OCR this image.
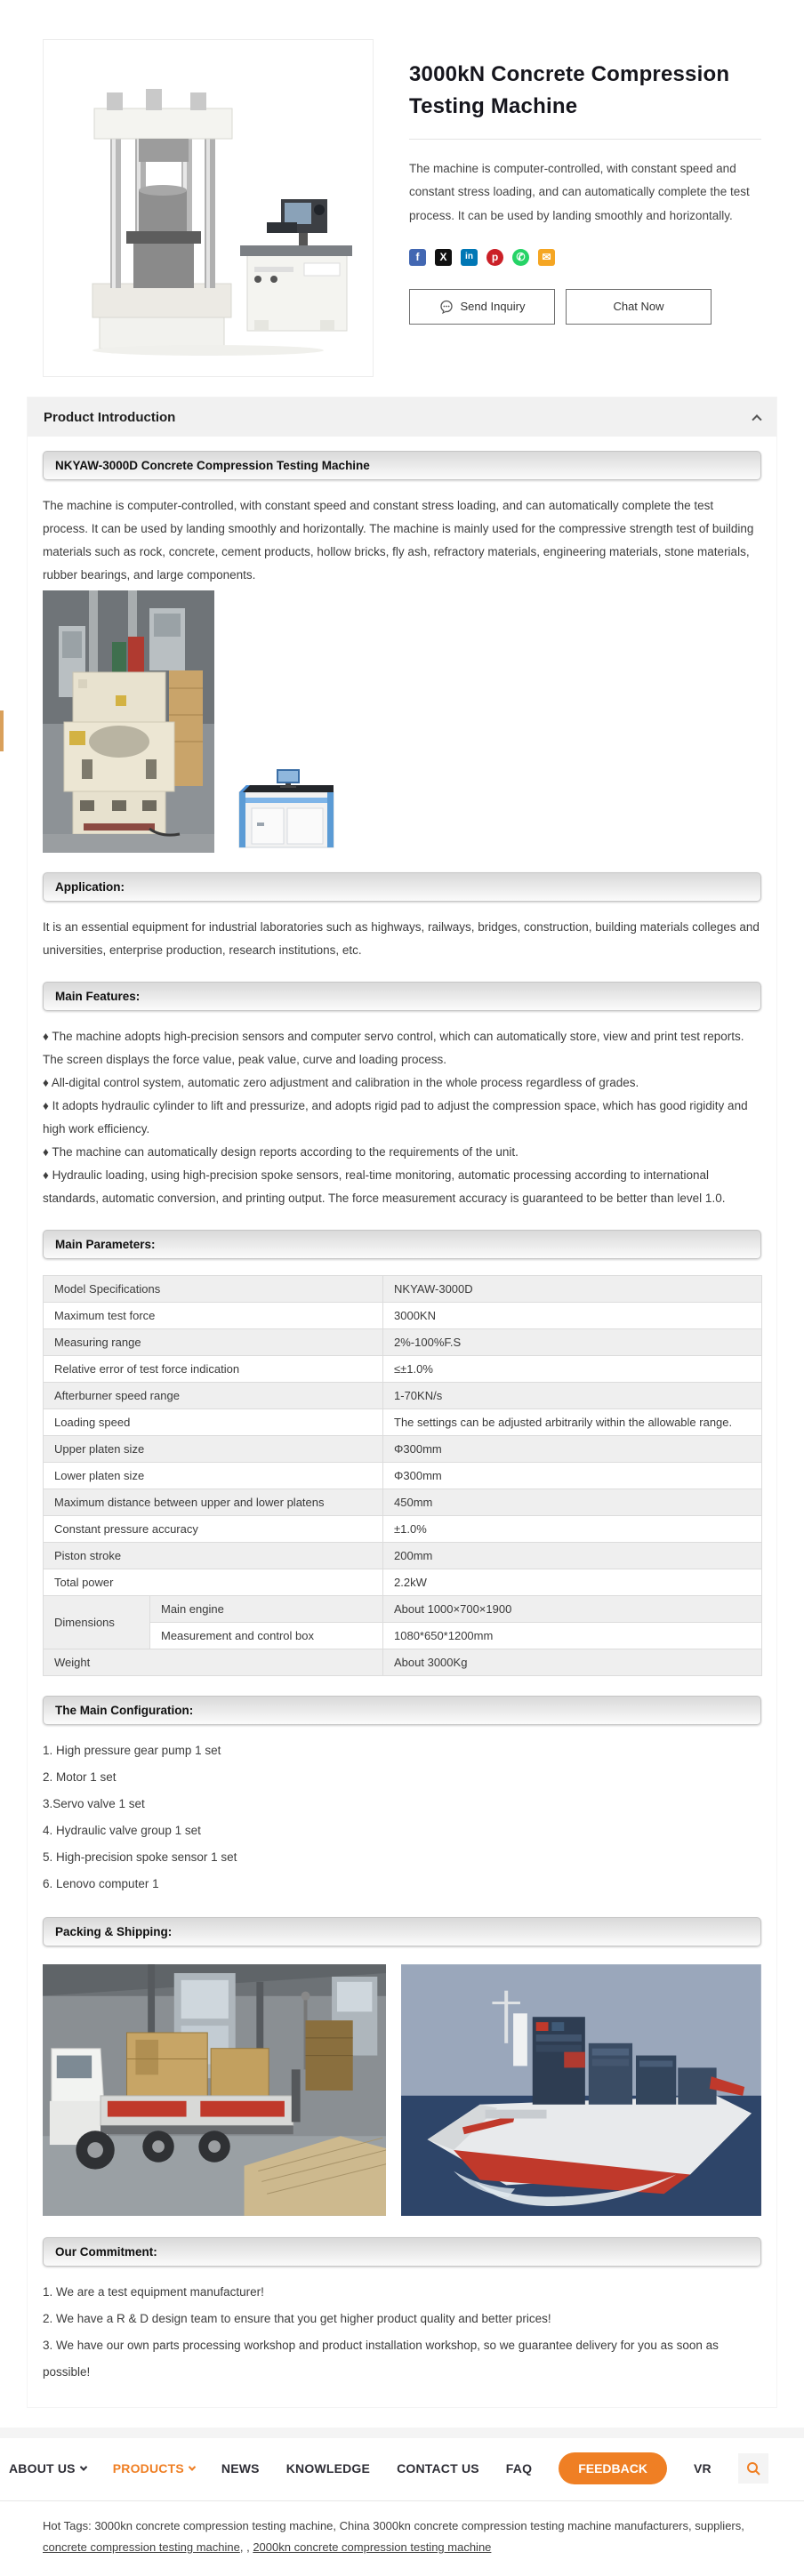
3000kN Concrete Compression Testing Machine
The machine is computer-controlled, with constant speed and constant stress loading, and can automatically complete the test process. It can be used by landing smoothly and horizontally.
f	X	in	p	✆	✉
Send Inquiry	Chat Now
Product Introduction
NKYAW-3000D Concrete Compression Testing Machine
The machine is computer-controlled, with constant speed and constant stress loading, and can automatically complete the test process. It can be used by landing smoothly and horizontally. The machine is mainly used for the compressive strength test of building materials such as rock, concrete, cement products, hollow bricks, fly ash, refractory materials, engineering materials, stone materials, rubber bearings, and large components.
Application:
It is an essential equipment for industrial laboratories such as highways, railways, bridges, construction, building materials colleges and universities, enterprise production, research institutions, etc.
Main Features:
♦ The machine adopts high-precision sensors and computer servo control, which can automatically store, view and print test reports. The screen displays the force value, peak value, curve and loading process.
♦ All-digital control system, automatic zero adjustment and calibration in the whole process regardless of grades.
♦ It adopts hydraulic cylinder to lift and pressurize, and adopts rigid pad to adjust the compression space, which has good rigidity and high work efficiency.
♦ The machine can automatically design reports according to the requirements of the unit.
♦ Hydraulic loading, using high-precision spoke sensors, real-time monitoring, automatic processing according to international standards, automatic conversion, and printing output. The force measurement accuracy is guaranteed to be better than level 1.0.
Main Parameters:
Model Specifications		NKYAW-3000D
Maximum test force		3000KN
Measuring range		2%-100%F.S
Relative error of test force indication		≤±1.0%
Afterburner speed range		1-70KN/s
Loading speed		The settings can be adjusted arbitrarily within the allowable range.
Upper platen size		Φ300mm
Lower platen size		Φ300mm
Maximum distance between upper and lower platens		450mm
Constant pressure accuracy		±1.0%
Piston stroke		200mm
Total power		2.2kW
Dimensions	Main engine	About 1000×700×1900
	Measurement and control box	1080*650*1200mm
Weight		About 3000Kg
The Main Configuration:
1. High pressure gear pump 1 set
2. Motor 1 set
3.Servo valve 1 set
4. Hydraulic valve group 1 set
5. High-precision spoke sensor 1 set
6. Lenovo computer 1
Packing & Shipping:
Our Commitment:
1. We are a test equipment manufacturer!
2. We have a R & D design team to ensure that you get higher product quality and better prices!
3. We have our own parts processing workshop and product installation workshop, so we guarantee delivery for you as soon as possible!
ABOUT US	PRODUCTS	NEWS KNOWLEDGE CONTACT US FAQ	FEEDBACK	VR
Hot Tags: 3000kn concrete compression testing machine, China 3000kn concrete compression testing machine manufacturers, suppliers, concrete compression testing machine, , 2000kn concrete compression testing machine
